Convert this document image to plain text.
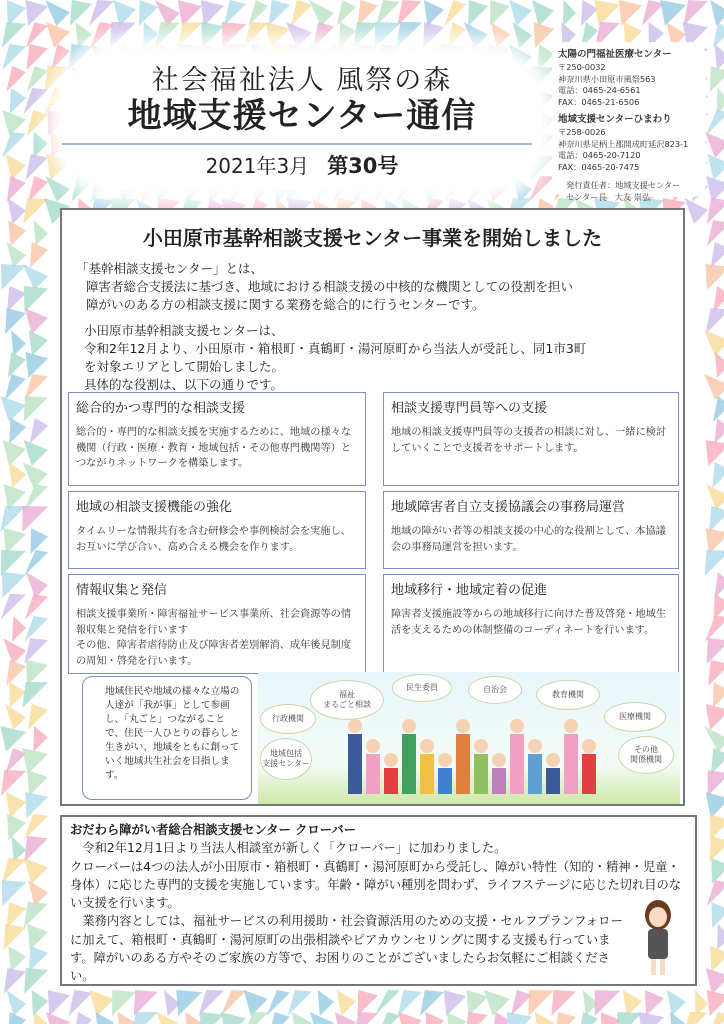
社会福祉法人 風祭の森
地域支援センター通信
2021年3月 第30号
太陽の門福祉医療センター
〒250-0032
神奈川県小田原市風祭563
電話：0465-24-6561
FAX：0465-21-6506
地域支援センターひまわり
〒258-0026
神奈川県足柄上郡開成町延沢823-1
電話：0465-20-7120
FAX：0465-20-7475
発行責任者：地域支援センター
センター長　大友 崇弘
小田原市基幹相談支援センター事業を開始しました
「基幹相談支援センター」とは、
障害者総合支援法に基づき、地域における相談支援の中核的な機関としての役割を担い
障がいのある方の相談支援に関する業務を総合的に行うセンターです。
小田原市基幹相談支援センターは、
令和2年12月より、小田原市・箱根町・真鶴町・湯河原町から当法人が受託し、同1市3町
を対象エリアとして開始しました。
具体的な役割は、以下の通りです。
総合的かつ専門的な相談支援
総合的・専門的な相談支援を実施するために、地域の様々な機関（行政・医療・教育・地域包括・その他専門機関等）とつながりネットワークを構築します。
相談支援専門員等への支援
地域の相談支援専門員等の支援者の相談に対し、一緒に検討していくことで支援者をサポートします。
地域の相談支援機能の強化
タイムリーな情報共有を含む研修会や事例検討会を実施し、お互いに学び合い、高め合える機会を作ります。
地域障害者自立支援協議会の事務局運営
地域の障がい者等の相談支援の中心的な役割として、本協議会の事務局運営を担います。
情報収集と発信
相談支援事業所・障害福祉サービス事業所、社会資源等の情報収集と発信を行います
その他、障害者虐待防止及び障害者差別解消、成年後見制度の周知・啓発を行います。
地域移行・地域定着の促進
障害者支援施設等からの地域移行に向けた普及啓発・地域生活を支えるための体制整備のコーディネートを行います。
地域住民や地域の様々な立場の人達が「我が事」として参画し、「丸ごと」つながることで、住民一人ひとりの暮らしと生きがい、地域をともに創っていく地域共生社会を目指します。
福祉
まるごと相談
民生委員	自治会
教育機関
行政機関	医療機関
地域包括
支援センター
その他
関係機関
おだわら障がい者総合相談支援センター クローバー
　令和2年12月1日より当法人相談室が新しく「クローバー」に加わりました。
クローバーは4つの法人が小田原市・箱根町・真鶴町・湯河原町から受託し、障がい特性（知的・精神・児童・身体）に応じた専門的支援を実施しています。年齢・障がい種別を問わず、ライフステージに応じた切れ目のない支援を行います。
　業務内容としては、福祉サービスの利用援助・社会資源活用のための支援・セルフプランフォローに加えて、箱根町・真鶴町・湯河原町の出張相談やピアカウンセリングに関する支援も行っています。障がいのある方やそのご家族の方等で、お困りのことがございましたらお気軽にご相談ください。
